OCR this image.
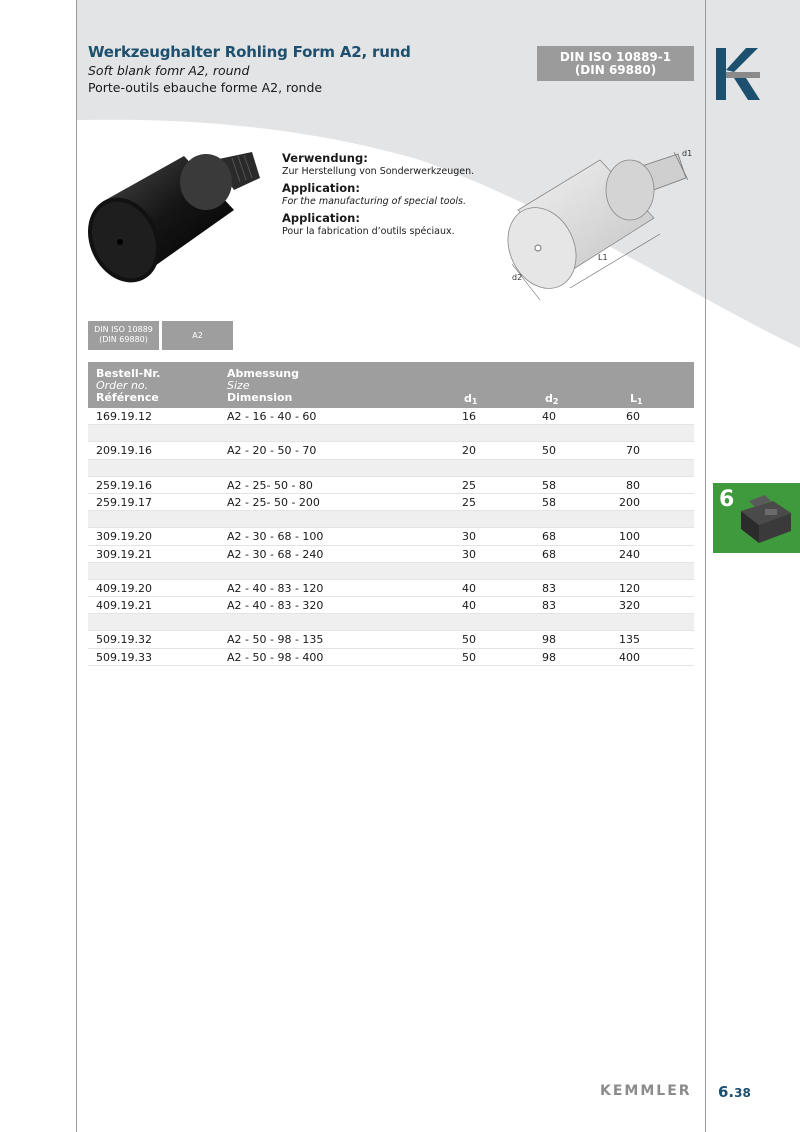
Werkzeughalter Rohling Form A2, rund
Soft blank fomr A2, round
Porte-outils ebauche forme A2, ronde
DIN ISO 10889-1
(DIN 69880)
L1
d1
d2
Verwendung:
Zur Herstellung von Sonderwerkzeugen.
Application:
For the manufacturing of special tools.
Application:
Pour la fabrication d’outils spéciaux.
DIN ISO 10889
(DIN 69880)	A2
Bestell-Nr.
Order no.
Référence
Abmessung
Size
Dimension	$d_1$	$d_2$	$L_1$
169.19.12	A2 - 16 - 40 - 60	16	40	60
209.19.16	A2 - 20 - 50 - 70	20	50	70
259.19.16	A2 - 25- 50 - 80	25	58	80
259.19.17	A2 - 25- 50 - 200	25	58	200
309.19.20	A2 - 30 - 68 - 100	30	68	100
309.19.21	A2 - 30 - 68 - 240	30	68	240
409.19.20	A2 - 40 - 83 - 120	40	83	120
409.19.21	A2 - 40 - 83 - 320	40	83	320
509.19.32	A2 - 50 - 98 - 135	50	98	135
509.19.33	A2 - 50 - 98 - 400	50	98	400
6
KEMMLER 6.38
